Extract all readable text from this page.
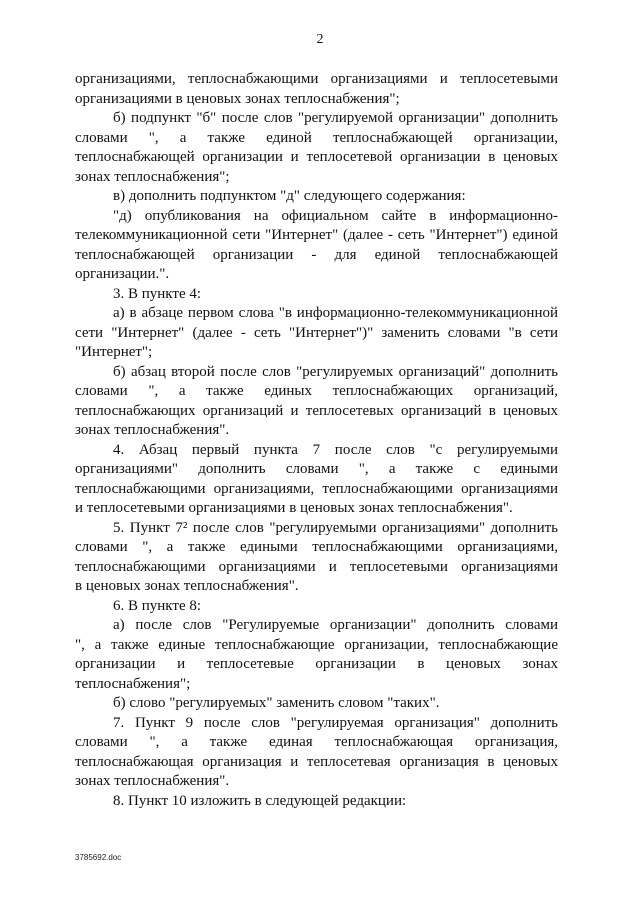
2
организациями, теплоснабжающими организациями и теплосетевыми
организациями в ценовых зонах теплоснабжения";
б) подпункт "б" после слов "регулируемой организации" дополнить
словами ", а также единой теплоснабжающей организации,
теплоснабжающей организации и теплосетевой организации в ценовых
зонах теплоснабжения";
в) дополнить подпунктом "д" следующего содержания:
"д) опубликования на официальном сайте в информационно-
телекоммуникационной сети "Интернет" (далее - сеть "Интернет") единой
теплоснабжающей организации - для единой теплоснабжающей
организации.".
3. В пункте 4:
а) в абзаце первом слова "в информационно-телекоммуникационной
сети "Интернет" (далее - сеть "Интернет")" заменить словами "в сети
"Интернет";
б) абзац второй после слов "регулируемых организаций" дополнить
словами ", а также единых теплоснабжающих организаций,
теплоснабжающих организаций и теплосетевых организаций в ценовых
зонах теплоснабжения".
4. Абзац первый пункта 7 после слов "с регулируемыми
организациями" дополнить словами ", а также с едиными
теплоснабжающими организациями, теплоснабжающими организациями
и теплосетевыми организациями в ценовых зонах теплоснабжения".
5. Пункт 7² после слов "регулируемыми организациями" дополнить
словами ", а также едиными теплоснабжающими организациями,
теплоснабжающими организациями и теплосетевыми организациями
в ценовых зонах теплоснабжения".
6. В пункте 8:
а) после слов "Регулируемые организации" дополнить словами
", а также единые теплоснабжающие организации, теплоснабжающие
организации и теплосетевые организации в ценовых зонах
теплоснабжения";
б) слово "регулируемых" заменить словом "таких".
7. Пункт 9 после слов "регулируемая организация" дополнить
словами ", а также единая теплоснабжающая организация,
теплоснабжающая организация и теплосетевая организация в ценовых
зонах теплоснабжения".
8. Пункт 10 изложить в следующей редакции:
3785692.doc
